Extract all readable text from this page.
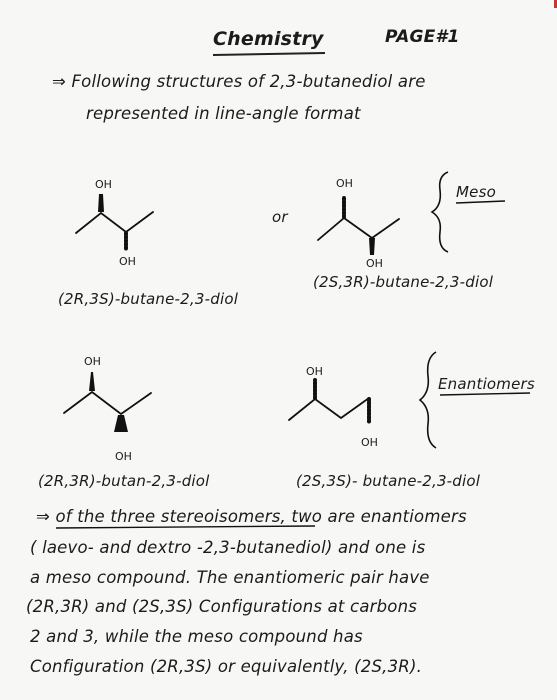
Chemistry	PAGE#1
⇒ Following structures of 2,3-butanediol are
represented in line-angle format
OH
OH
(2R,3S)-butane-2,3-diol
or
OH
OH
(2S,3R)-butane-2,3-diol
Meso
OH
OH
(2R,3R)-butan-2,3-diol
OH
OH
(2S,3S)- butane-2,3-diol
Enantiomers
⇒ of the three stereoisomers, two are enantiomers
( laevo- and dextro -2,3-butanediol) and one is
a meso compound. The enantiomeric pair have
(2R,3R) and (2S,3S) Configurations at carbons
2 and 3, while the meso compound has
Configuration (2R,3S) or equivalently, (2S,3R).
